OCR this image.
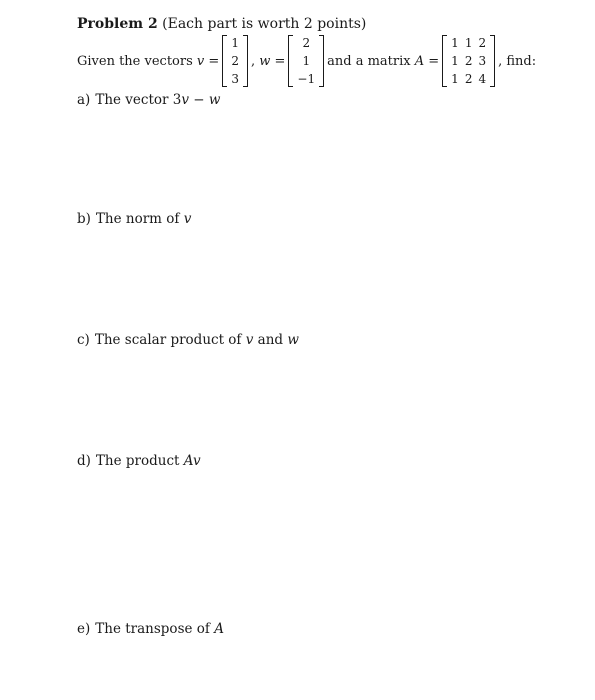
Problem 2 (Each part is worth 2 points)
Given the vectors
v
=
1
2
3
,
w
=
2
1
−1
and a matrix
A
=
1	1	2
1	2	3
1	2	4
, find:
a) The vector 3v − w
b) The norm of v
c) The scalar product of v and w
d) The product Av
e) The transpose of A
